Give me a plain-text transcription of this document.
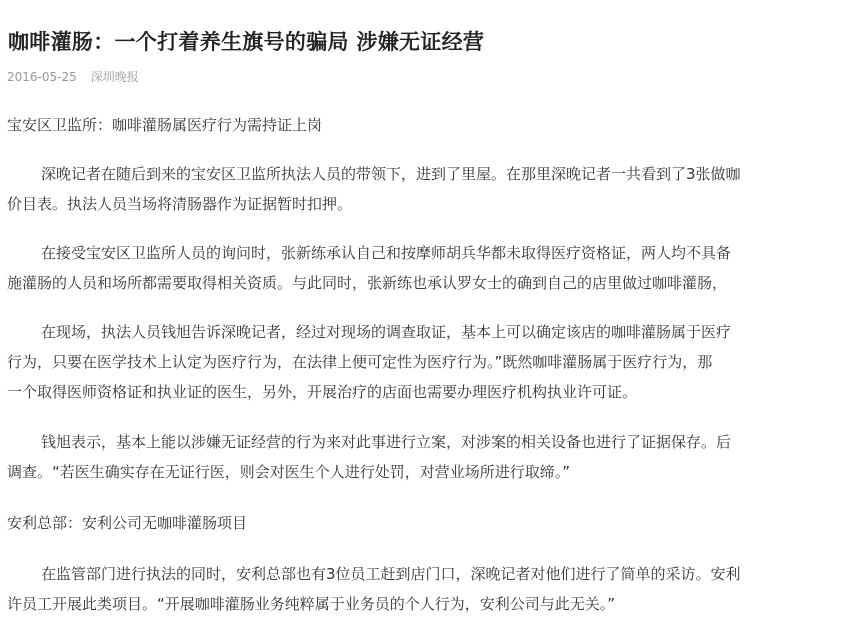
咖啡灌肠：一个打着养生旗号的骗局 涉嫌无证经营
2016-05-25 深圳晚报

宝安区卫监所：咖啡灌肠属医疗行为需持证上岗

深晚记者在随后到来的宝安区卫监所执法人员的带领下，进到了里屋。在那里深晚记者一共看到了3张做咖
价目表。执法人员当场将清肠器作为证据暂时扣押。

在接受宝安区卫监所人员的询问时，张新练承认自己和按摩师胡兵华都未取得医疗资格证，两人均不具备
施灌肠的人员和场所都需要取得相关资质。与此同时，张新练也承认罗女士的确到自己的店里做过咖啡灌肠，

在现场，执法人员钱旭告诉深晚记者，经过对现场的调查取证，基本上可以确定该店的咖啡灌肠属于医疗
行为，只要在医学技术上认定为医疗行为，在法律上便可定性为医疗行为。”既然咖啡灌肠属于医疗行为，那
一个取得医师资格证和执业证的医生，另外，开展治疗的店面也需要办理医疗机构执业许可证。

钱旭表示，基本上能以涉嫌无证经营的行为来对此事进行立案，对涉案的相关设备也进行了证据保存。后
调查。“若医生确实存在无证行医，则会对医生个人进行处罚，对营业场所进行取缔。”

安利总部：安利公司无咖啡灌肠项目

在监管部门进行执法的同时，安利总部也有3位员工赶到店门口，深晚记者对他们进行了简单的采访。安利
许员工开展此类项目。“开展咖啡灌肠业务纯粹属于业务员的个人行为，安利公司与此无关。”
